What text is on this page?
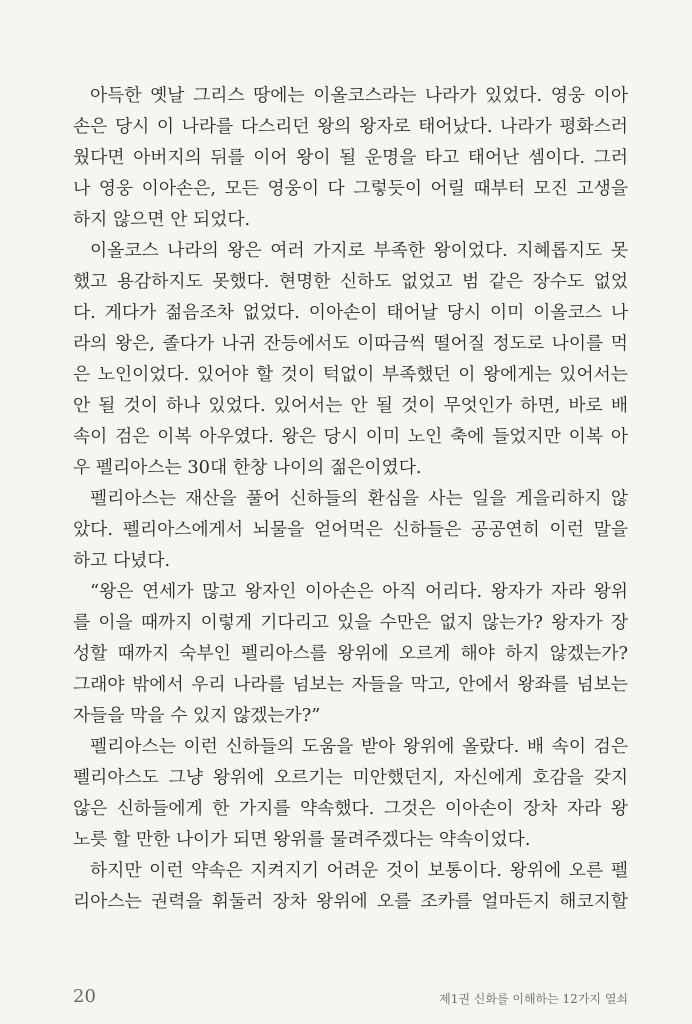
아득한 옛날 그리스 땅에는 이올코스라는 나라가 있었다. 영웅 이아
손은 당시 이 나라를 다스리던 왕의 왕자로 태어났다. 나라가 평화스러
웠다면 아버지의 뒤를 이어 왕이 될 운명을 타고 태어난 셈이다. 그러
나 영웅 이아손은, 모든 영웅이 다 그렇듯이 어릴 때부터 모진 고생을
하지 않으면 안 되었다.
이올코스 나라의 왕은 여러 가지로 부족한 왕이었다. 지혜롭지도 못
했고 용감하지도 못했다. 현명한 신하도 없었고 범 같은 장수도 없었
다. 게다가 젊음조차 없었다. 이아손이 태어날 당시 이미 이올코스 나
라의 왕은, 졸다가 나귀 잔등에서도 이따금씩 떨어질 정도로 나이를 먹
은 노인이었다. 있어야 할 것이 턱없이 부족했던 이 왕에게는 있어서는
안 될 것이 하나 있었다. 있어서는 안 될 것이 무엇인가 하면, 바로 배
속이 검은 이복 아우였다. 왕은 당시 이미 노인 축에 들었지만 이복 아
우 펠리아스는 30대 한창 나이의 젊은이였다.
펠리아스는 재산을 풀어 신하들의 환심을 사는 일을 게을리하지 않
았다. 펠리아스에게서 뇌물을 얻어먹은 신하들은 공공연히 이런 말을
하고 다녔다.
“왕은 연세가 많고 왕자인 이아손은 아직 어리다. 왕자가 자라 왕위
를 이을 때까지 이렇게 기다리고 있을 수만은 없지 않는가? 왕자가 장
성할 때까지 숙부인 펠리아스를 왕위에 오르게 해야 하지 않겠는가?
그래야 밖에서 우리 나라를 넘보는 자들을 막고, 안에서 왕좌를 넘보는
자들을 막을 수 있지 않겠는가?”
펠리아스는 이런 신하들의 도움을 받아 왕위에 올랐다. 배 속이 검은
펠리아스도 그냥 왕위에 오르기는 미안했던지, 자신에게 호감을 갖지
않은 신하들에게 한 가지를 약속했다. 그것은 이아손이 장차 자라 왕
노릇 할 만한 나이가 되면 왕위를 물려주겠다는 약속이었다.
하지만 이런 약속은 지켜지기 어려운 것이 보통이다. 왕위에 오른 펠
리아스는 권력을 휘둘러 장차 왕위에 오를 조카를 얼마든지 해코지할
20	제1권 신화를 이해하는 12가지 열쇠
